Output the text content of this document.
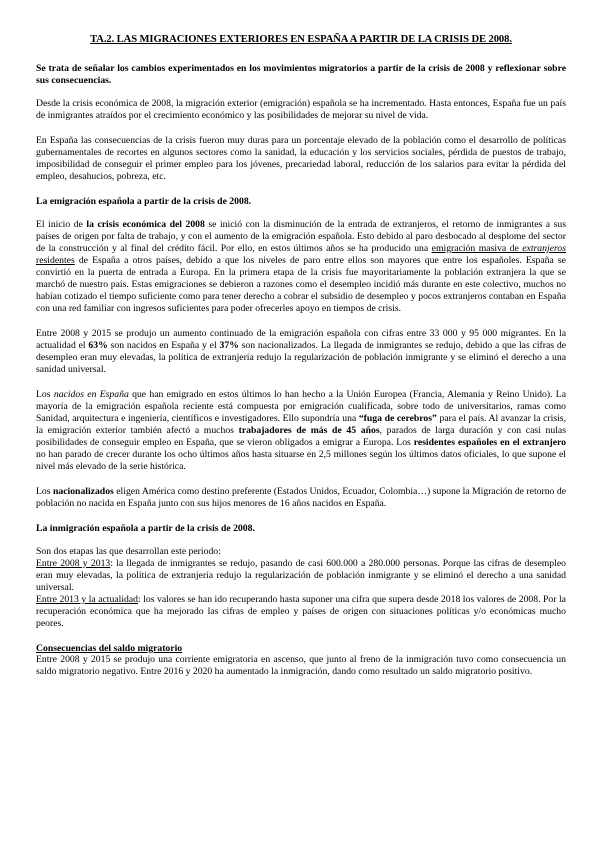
TA.2. LAS MIGRACIONES EXTERIORES EN ESPAÑA A PARTIR DE LA CRISIS DE 2008.

Se trata de señalar los cambios experimentados en los movimientos migratorios a partir de la crisis de 2008 y reflexionar sobre sus consecuencias.

Desde la crisis económica de 2008, la migración exterior (emigración) española se ha incrementado. Hasta entonces, España fue un país de inmigrantes atraídos por el crecimiento económico y las posibilidades de mejorar su nivel de vida.

En España las consecuencias de la crisis fueron muy duras para un porcentaje elevado de la población como el desarrollo de políticas gubernamentales de recortes en algunos sectores como la sanidad, la educación y los servicios sociales, pérdida de puestos de trabajo, imposibilidad de conseguir el primer empleo para los jóvenes, precariedad laboral, reducción de los salarios para evitar la pérdida del empleo, desahucios, pobreza, etc.

La emigración española a partir de la crisis de 2008.

El inicio de la crisis económica del 2008 se inició con la disminución de la entrada de extranjeros, el retorno de inmigrantes a sus países de origen por falta de trabajo, y con el aumento de la emigración española. Esto debido al paro desbocado al desplome del sector de la construcción y al final del crédito fácil. Por ello, en estos últimos años se ha producido una emigración masiva de extranjeros residentes de España a otros países, debido a que los niveles de paro entre ellos son mayores que entre los españoles. España se convirtió en la puerta de entrada a Europa. En la primera etapa de la crisis fue mayoritariamente la población extranjera la que se marchó de nuestro país. Estas emigraciones se debieron a razones como el desempleo incidió más durante en este colectivo, muchos no habían cotizado el tiempo suficiente como para tener derecho a cobrar el subsidio de desempleo y pocos extranjeros contaban en España con una red familiar con ingresos suficientes para poder ofrecerles apoyo en tiempos de crisis.

Entre 2008 y 2015 se produjo un aumento continuado de la emigración española con cifras entre 33 000 y 95 000 migrantes. En la actualidad el 63% son nacidos en España y el 37% son nacionalizados. La llegada de inmigrantes se redujo, debido a que las cifras de desempleo eran muy elevadas, la política de extranjería redujo la regularización de población inmigrante y se eliminó el derecho a una sanidad universal.

Los nacidos en España que han emigrado en estos últimos lo han hecho a la Unión Europea (Francia, Alemania y Reino Unido). La mayoría de la emigración española reciente está compuesta por emigración cualificada, sobre todo de universitarios, ramas como Sanidad, arquitectura e ingeniería, científicos e investigadores. Ello supondría una “fuga de cerebros” para el país. Al avanzar la crisis, la emigración exterior también afectó a muchos trabajadores de más de 45 años, parados de larga duración y con casi nulas posibilidades de conseguir empleo en España, que se vieron obligados a emigrar a Europa. Los residentes españoles en el extranjero no han parado de crecer durante los ocho últimos años hasta situarse en 2,5 millones según los últimos datos oficiales, lo que supone el nivel más elevado de la serie histórica.

Los nacionalizados eligen América como destino preferente (Estados Unidos, Ecuador, Colombia…) supone la Migración de retorno de población no nacida en España junto con sus hijos menores de 16 años nacidos en España.

La inmigración española a partir de la crisis de 2008.

Son dos etapas las que desarrollan este periodo:

Entre 2008 y 2013: la llegada de inmigrantes se redujo, pasando de casi 600.000 a 280.000 personas. Porque las cifras de desempleo eran muy elevadas, la política de extranjería redujo la regularización de población inmigrante y se eliminó el derecho a una sanidad universal.

Entre 2013 y la actualidad: los valores se han ido recuperando hasta suponer una cifra que supera desde 2018 los valores de 2008. Por la recuperación económica que ha mejorado las cifras de empleo y países de origen con situaciones políticas y/o económicas mucho peores.

Consecuencias del saldo migratorio

Entre 2008 y 2015 se produjo una corriente emigratoria en ascenso, que junto al freno de la inmigración tuvo como consecuencia un saldo migratorio negativo. Entre 2016 y 2020 ha aumentado la inmigración, dando como resultado un saldo migratorio positivo.
